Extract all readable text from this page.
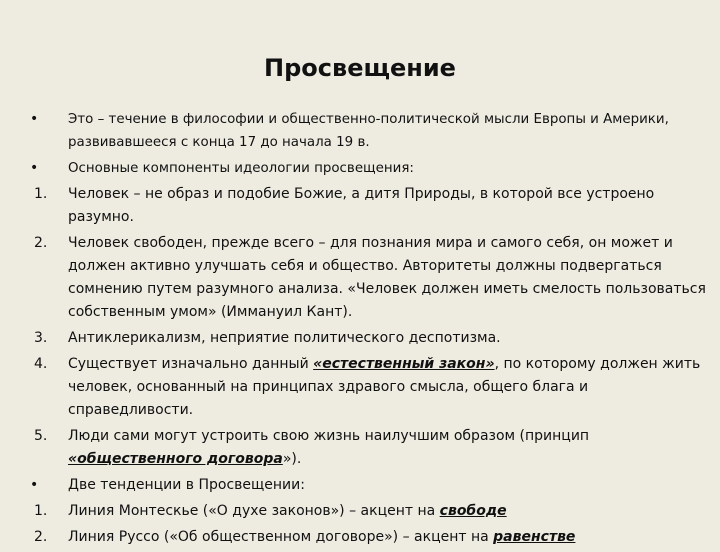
Просвещение
•	Это – течение в философии и общественно-политической мысли Европы и Америки, развивавшееся с конца 17 до начала 19 в.
•	Основные компоненты идеологии просвещения:
1.	Человек – не образ и подобие Божие, а дитя Природы, в которой все устроено разумно.
2.	Человек свободен, прежде всего – для познания мира и самого себя, он может и должен активно улучшать себя и общество. Авторитеты должны подвергаться сомнению путем разумного анализа. «Человек должен иметь смелость пользоваться собственным умом» (Иммануил Кант).
3.	Антиклерикализм, неприятие политического деспотизма.
4.	Существует изначально данный «естественный закон», по которому должен жить человек, основанный на принципах здравого смысла, общего блага и справедливости.
5.	Люди сами могут устроить свою жизнь наилучшим образом (принцип «общественного договора»).
•	Две тенденции в Просвещении:
1.	Линия Монтескье («О духе законов») – акцент на свободе
2.	Линия Руссо («Об общественном договоре») – акцент на равенстве
